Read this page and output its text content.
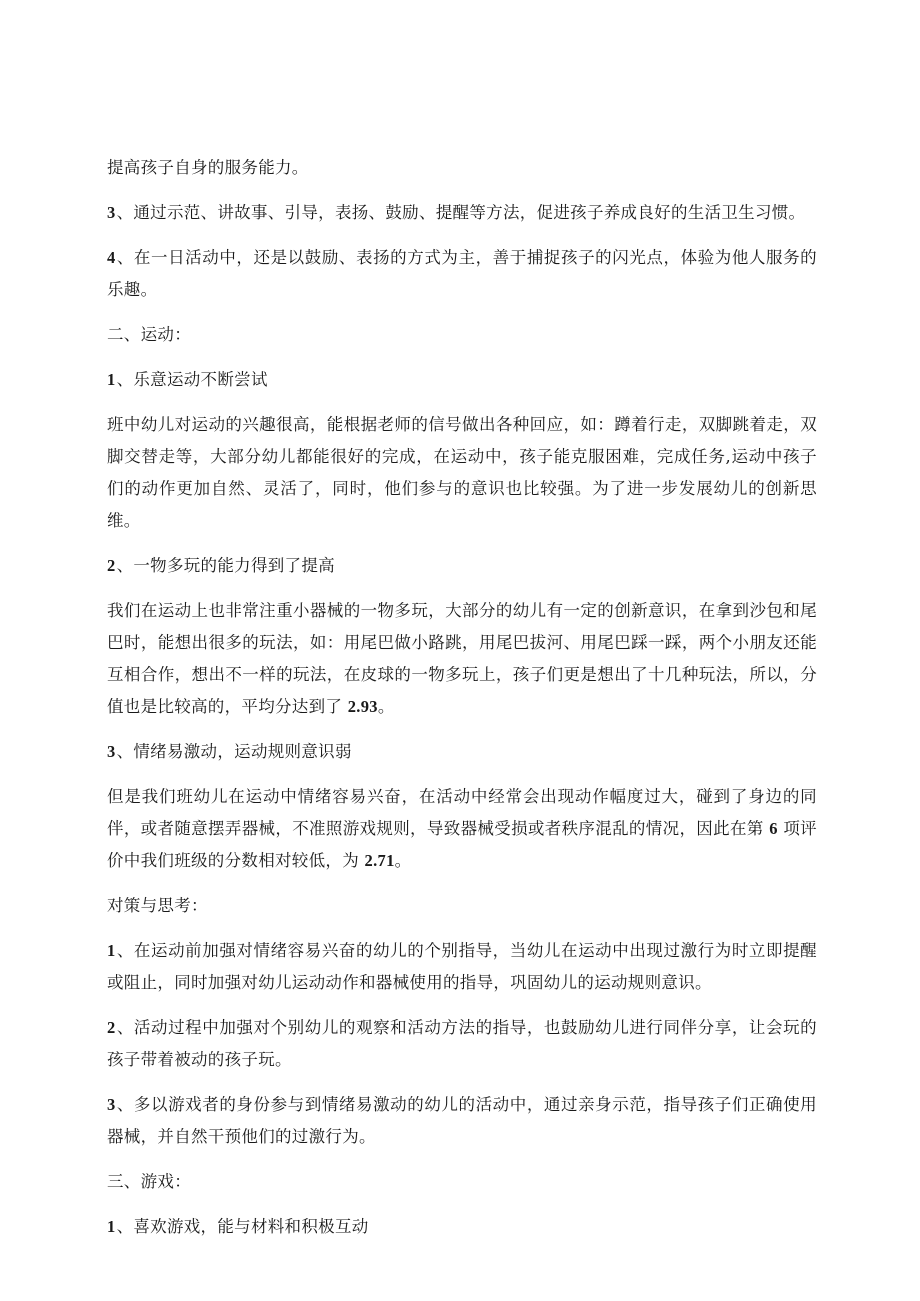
提高孩子自身的服务能力。

3、通过示范、讲故事、引导，表扬、鼓励、提醒等方法，促进孩子养成良好的生活卫生习惯。

4、在一日活动中，还是以鼓励、表扬的方式为主，善于捕捉孩子的闪光点，体验为他人服务的乐趣。

二、运动：

1、乐意运动不断尝试

班中幼儿对运动的兴趣很高，能根据老师的信号做出各种回应，如：蹲着行走，双脚跳着走，双脚交替走等，大部分幼儿都能很好的完成，在运动中，孩子能克服困难，完成任务,运动中孩子们的动作更加自然、灵活了，同时，他们参与的意识也比较强。为了进一步发展幼儿的创新思维。

2、一物多玩的能力得到了提高

我们在运动上也非常注重小器械的一物多玩，大部分的幼儿有一定的创新意识，在拿到沙包和尾巴时，能想出很多的玩法，如：用尾巴做小路跳，用尾巴拔河、用尾巴踩一踩，两个小朋友还能互相合作，想出不一样的玩法，在皮球的一物多玩上，孩子们更是想出了十几种玩法，所以，分值也是比较高的，平均分达到了 2.93。

3、情绪易激动，运动规则意识弱

但是我们班幼儿在运动中情绪容易兴奋，在活动中经常会出现动作幅度过大，碰到了身边的同伴，或者随意摆弄器械，不准照游戏规则，导致器械受损或者秩序混乱的情况，因此在第 6 项评价中我们班级的分数相对较低，为 2.71。

对策与思考：

1、在运动前加强对情绪容易兴奋的幼儿的个别指导，当幼儿在运动中出现过激行为时立即提醒或阻止，同时加强对幼儿运动动作和器械使用的指导，巩固幼儿的运动规则意识。

2、活动过程中加强对个别幼儿的观察和活动方法的指导，也鼓励幼儿进行同伴分享，让会玩的孩子带着被动的孩子玩。

3、多以游戏者的身份参与到情绪易激动的幼儿的活动中，通过亲身示范，指导孩子们正确使用器械，并自然干预他们的过激行为。

三、游戏：

1、喜欢游戏，能与材料和积极互动
